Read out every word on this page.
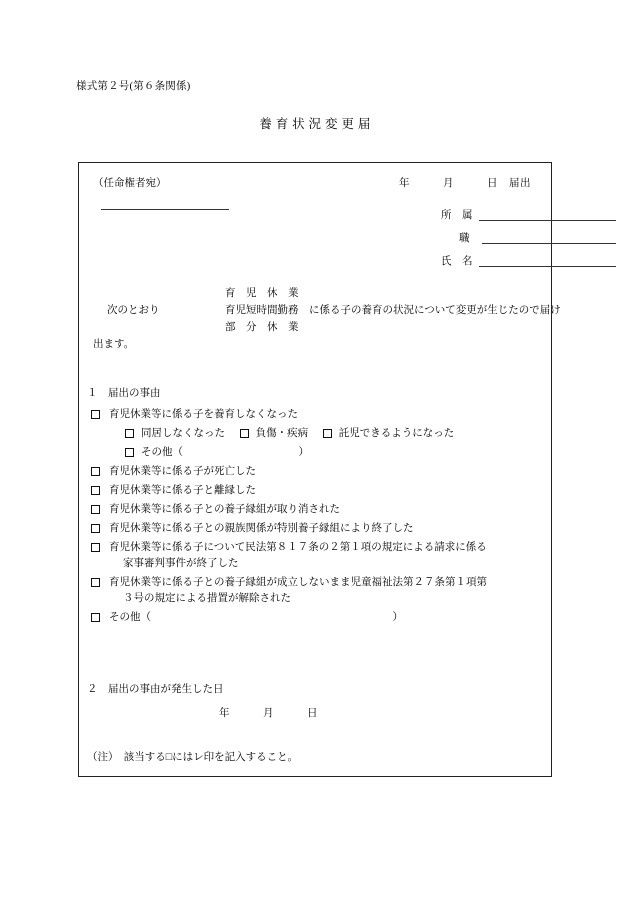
様式第２号(第６条関係)
養 育 状 況 変 更 届
（任命権者宛）	年　　　月　　　日　届出
所　属
職
氏　名
育　児　休　業
育児短時間勤務
部　分　休　業
次のとおり	に係る子の養育の状況について変更が生じたので届け
出ます。
１　届出の事由
育児休業等に係る子を養育しなくなった
同居しなくなった	負傷・疾病	託児できるようになった
その他（　　　　　　　　　　　）
育児休業等に係る子が死亡した
育児休業等に係る子と離縁した
育児休業等に係る子との養子縁組が取り消された
育児休業等に係る子との親族関係が特別養子縁組により終了した
育児休業等に係る子について民法第８１７条の２第１項の規定による請求に係る
家事審判事件が終了した
育児休業等に係る子との養子縁組が成立しないまま児童福祉法第２７条第１項第
３号の規定による措置が解除された
その他（　　　　　　　　　　　　　　　　　　　　　　　）
２　届出の事由が発生した日
年　　　月　　　日
（注）　該当する□にはレ印を記入すること。
